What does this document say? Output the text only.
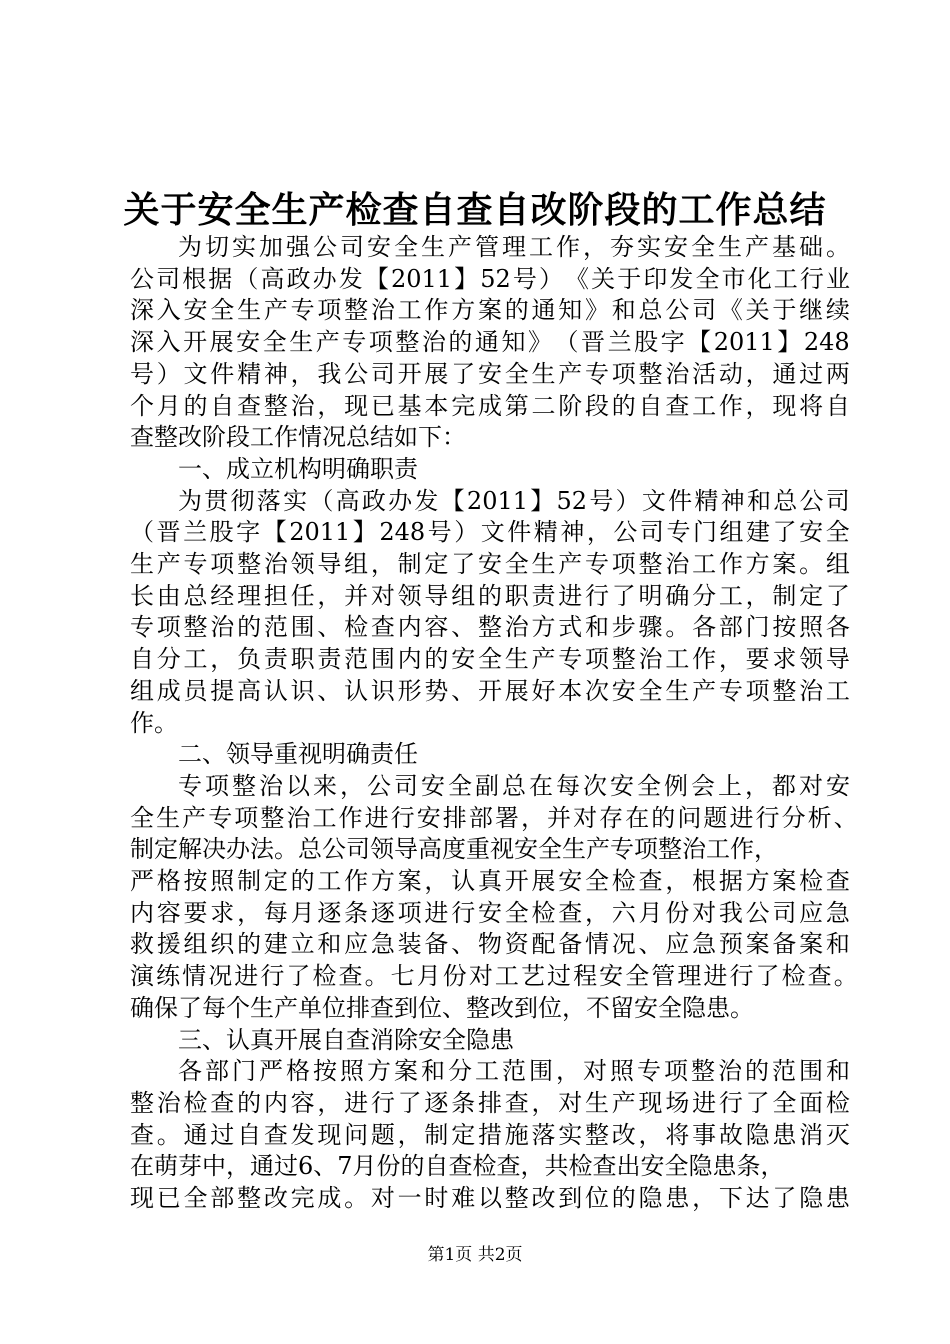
关于安全生产检查自查自改阶段的工作总结
为 切 实 加 强 公 司 安 全 生 产 管 理 工 作 ， 夯 实 安 全 生 产 基 础 。
公 司 根 据 （ 高 政 办 发 【 2011 】 52 号 ） 《 关 于 印 发 全 市 化 工 行 业
深 入 安 全 生 产 专 项 整 治 工 作 方 案 的 通 知 》 和 总 公 司 《 关 于 继 续
深 入 开 展 安 全 生 产 专 项 整 治 的 通 知 》 （ 晋 兰 股 字 【 2011 】 248
号 ） 文 件 精 神 ， 我 公 司 开 展 了 安 全 生 产 专 项 整 治 活 动 ， 通 过 两
个 月 的 自 查 整 治 ， 现 已 基 本 完 成 第 二 阶 段 的 自 查 工 作 ， 现 将 自
查整改阶段工作情况总结如下：
一、成立机构明确职责
为 贯 彻 落 实 （ 高 政 办 发 【 2011 】 52 号 ） 文 件 精 神 和 总 公 司
（ 晋 兰 股 字 【 2011 】 248 号 ） 文 件 精 神 ， 公 司 专 门 组 建 了 安 全
生 产 专 项 整 治 领 导 组 ， 制 定 了 安 全 生 产 专 项 整 治 工 作 方 案 。 组
长 由 总 经 理 担 任 ， 并 对 领 导 组 的 职 责 进 行 了 明 确 分 工 ， 制 定 了
专 项 整 治 的 范 围 、 检 查 内 容 、 整 治 方 式 和 步 骤 。 各 部 门 按 照 各
自 分 工 ， 负 责 职 责 范 围 内 的 安 全 生 产 专 项 整 治 工 作 ， 要 求 领 导
组 成 员 提 高 认 识 、 认 识 形 势 、 开 展 好 本 次 安 全 生 产 专 项 整 治 工
作。
二、领导重视明确责任
专 项 整 治 以 来 ， 公 司 安 全 副 总 在 每 次 安 全 例 会 上 ， 都 对 安
全 生 产 专 项 整 治 工 作 进 行 安 排 部 署 ， 并 对 存 在 的 问 题 进 行 分 析 、
制定解决办法。总公司领导高度重视安全生产专项整治工作，
严 格 按 照 制 定 的 工 作 方 案 ， 认 真 开 展 安 全 检 查 ， 根 据 方 案 检 查
内 容 要 求 ， 每 月 逐 条 逐 项 进 行 安 全 检 查 ， 六 月 份 对 我 公 司 应 急
救 援 组 织 的 建 立 和 应 急 装 备 、 物 资 配 备 情 况 、 应 急 预 案 备 案 和
演 练 情 况 进 行 了 检 查 。 七 月 份 对 工 艺 过 程 安 全 管 理 进 行 了 检 查 。
确保了每个生产单位排查到位、整改到位，不留安全隐患。
三、认真开展自查消除安全隐患
各 部 门 严 格 按 照 方 案 和 分 工 范 围 ， 对 照 专 项 整 治 的 范 围 和
整 治 检 查 的 内 容 ， 进 行 了 逐 条 排 查 ， 对 生 产 现 场 进 行 了 全 面 检
查 。 通 过 自 查 发 现 问 题 ， 制 定 措 施 落 实 整 改 ， 将 事 故 隐 患 消 灭
在萌芽中，通过6、7月份的自查检查，共检查出安全隐患条，
现 已 全 部 整 改 完 成 。 对 一 时 难 以 整 改 到 位 的 隐 患 ， 下 达 了 隐 患
第1页 共2页
